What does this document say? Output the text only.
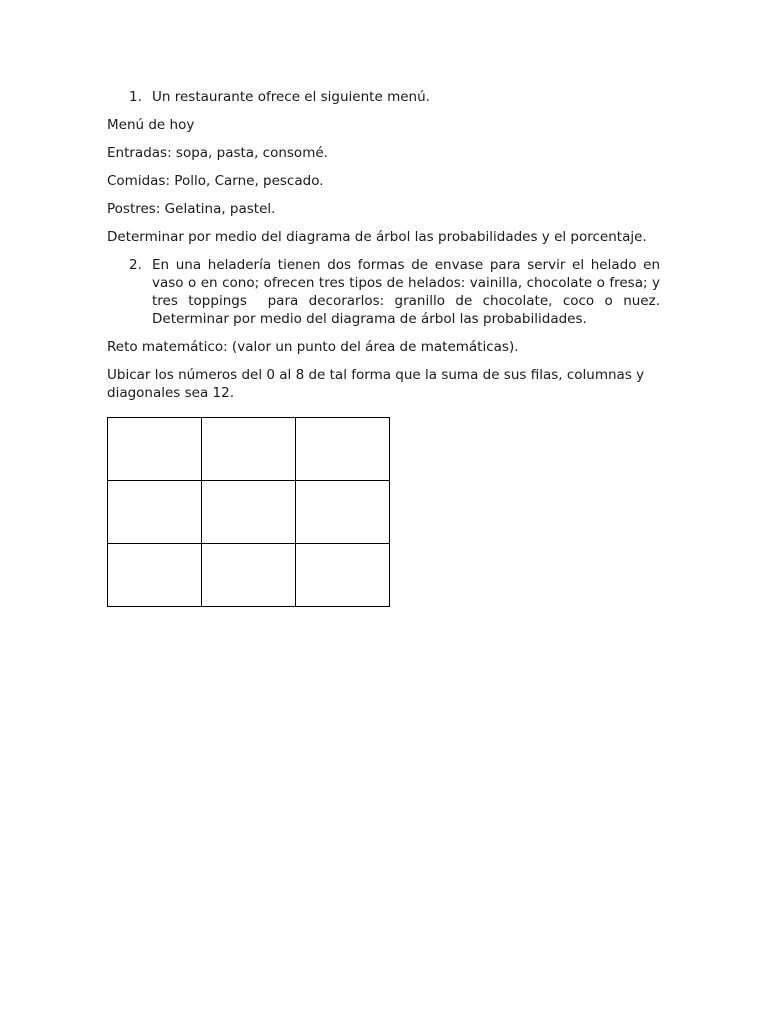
1. Un restaurante ofrece el siguiente menú.

Menú de hoy

Entradas: sopa, pasta, consomé.

Comidas: Pollo, Carne, pescado.

Postres: Gelatina, pastel.

Determinar por medio del diagrama de árbol las probabilidades y el porcentaje.

2. En una heladería tienen dos formas de envase para servir el helado en vaso o en cono; ofrecen tres tipos de helados: vainilla, chocolate o fresa; y tres toppings  para decorarlos: granillo de chocolate, coco o nuez. Determinar por medio del diagrama de árbol las probabilidades.

Reto matemático: (valor un punto del área de matemáticas).

Ubicar los números del 0 al 8 de tal forma que la suma de sus filas, columnas y diagonales sea 12.
